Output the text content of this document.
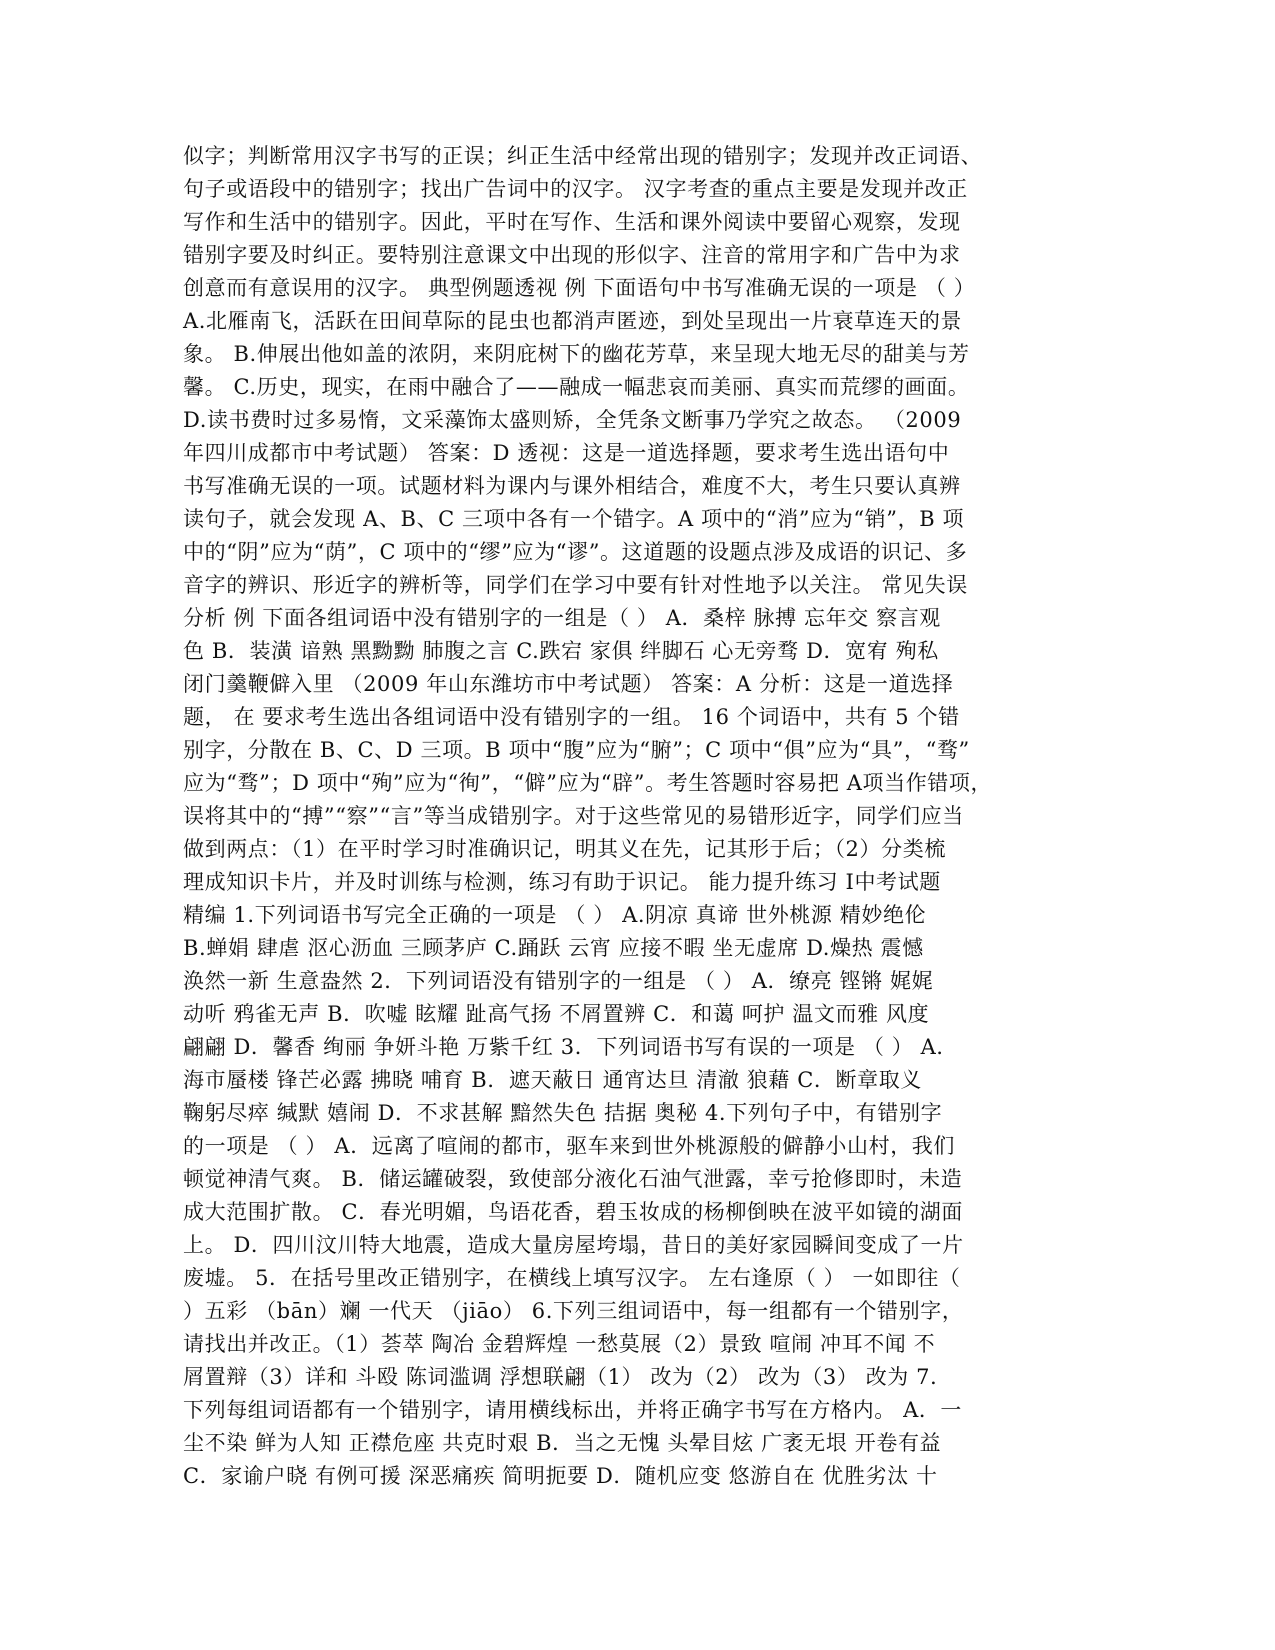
似字；判断常用汉字书写的正误；纠正生活中经常出现的错别字；发现并改正词语、
句子或语段中的错别字；找出广告词中的汉字。 汉字考查的重点主要是发现并改正
写作和生活中的错别字。因此，平时在写作、生活和课外阅读中要留心观察，发现
错别字要及时纠正。要特别注意课文中出现的形似字、注音的常用字和广告中为求
创意而有意误用的汉字。 典型例题透视 例 下面语句中书写准确无误的一项是 （ ）
A.北雁南飞，活跃在田间草际的昆虫也都消声匿迹，到处呈现出一片衰草连天的景
象。 B.伸展出他如盖的浓阴，来阴庇树下的幽花芳草，来呈现大地无尽的甜美与芳
馨。 C.历史，现实，在雨中融合了——融成一幅悲哀而美丽、真实而荒缪的画面。
D.读书费时过多易惰，文采藻饰太盛则矫，全凭条文断事乃学究之故态。 （2009
年四川成都市中考试题） 答案：D 透视：这是一道选择题，要求考生选出语句中
书写准确无误的一项。试题材料为课内与课外相结合，难度不大，考生只要认真辨
读句子，就会发现 A、B、C 三项中各有一个错字。A 项中的“消”应为“销”，B 项
中的“阴”应为“荫”，C 项中的“缪”应为“谬”。这道题的设题点涉及成语的识记、多
音字的辨识、形近字的辨析等，同学们在学习中要有针对性地予以关注。 常见失误
分析 例 下面各组词语中没有错别字的一组是（ ） A．桑梓 脉搏 忘年交 察言观
色 B．装潢 谙熟 黑黝黝 肺腹之言 C.跌宕 家俱 绊脚石 心无旁骛 D．宽宥 殉私
闭门羹鞭僻入里 （2009 年山东潍坊市中考试题） 答案：A 分析：这是一道选择
题， 在 要求考生选出各组词语中没有错别字的一组。 16 个词语中，共有 5 个错
别字，分散在 B、C、D 三项。B 项中“腹”应为“腑”；C 项中“俱”应为“具”，“骛”
应为“骛”；D 项中“殉”应为“徇”，“僻”应为“辟”。考生答题时容易把 A项当作错项，
误将其中的“搏”“察”“言”等当成错别字。对于这些常见的易错形近字，同学们应当
做到两点：（1）在平时学习时准确识记，明其义在先，记其形于后；（2）分类梳
理成知识卡片，并及时训练与检测，练习有助于识记。 能力提升练习 Ⅰ中考试题
精编 1.下列词语书写完全正确的一项是 （ ） A.阴凉 真谛 世外桃源 精妙绝伦
B.蝉娟 肆虐 沤心沥血 三顾茅庐 C.踊跃 云宵 应接不暇 坐无虚席 D.燥热 震憾
涣然一新 生意盎然 2．下列词语没有错别字的一组是 （ ） A．缭亮 铿锵 娓娓
动听 鸦雀无声 B．吹嘘 眩耀 趾高气扬 不屑置辨 C．和蔼 呵护 温文而雅 风度
翩翩 D．馨香 绚丽 争妍斗艳 万紫千红 3．下列词语书写有误的一项是 （ ） A．
海市蜃楼 锋芒必露 拂晓 哺育 B．遮天蔽日 通宵达旦 清澈 狼藉 C．断章取义
鞠躬尽瘁 缄默 嬉闹 D．不求甚解 黯然失色 拮据 奥秘 4.下列句子中，有错别字
的一项是 （ ） A．远离了喧闹的都市，驱车来到世外桃源般的僻静小山村，我们
顿觉神清气爽。 B．储运罐破裂，致使部分液化石油气泄露，幸亏抢修即时，未造
成大范围扩散。 C．春光明媚，鸟语花香，碧玉妆成的杨柳倒映在波平如镜的湖面
上。 D．四川汶川特大地震，造成大量房屋垮塌，昔日的美好家园瞬间变成了一片
废墟。 5．在括号里改正错别字，在横线上填写汉字。 左右逢原（ ） 一如即往（
）五彩 （bān）斓 一代天 （jiāo） 6.下列三组词语中，每一组都有一个错别字，
请找出并改正。（1）荟萃 陶冶 金碧辉煌 一愁莫展（2）景致 喧闹 冲耳不闻 不
屑置辩（3）详和 斗殴 陈词滥调 浮想联翩（1） 改为（2） 改为（3） 改为 7．
下列每组词语都有一个错别字，请用横线标出，并将正确字书写在方格内。 A．一
尘不染 鲜为人知 正襟危座 共克时艰 B．当之无愧 头晕目炫 广袤无垠 开卷有益
C．家谕户晓 有例可援 深恶痛疾 简明扼要 D．随机应变 悠游自在 优胜劣汰 十
